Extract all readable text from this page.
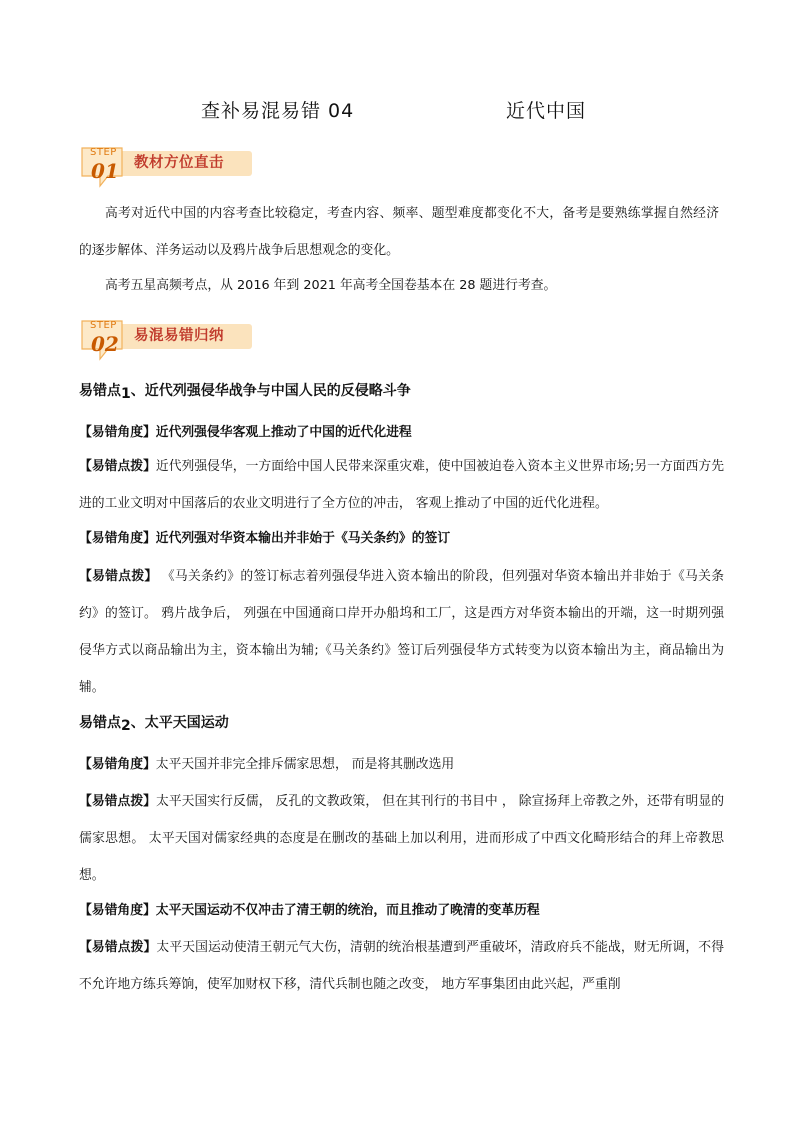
查补易混易错 04	近代中国
STEP
01 教材方位直击

高考对近代中国的内容考查比较稳定，考查内容、频率、题型难度都变化不大，备考是要熟练掌握自然经济的逐步解体、洋务运动以及鸦片战争后思想观念的变化。

高考五星高频考点，从 2016 年到 2021 年高考全国卷基本在 28 题进行考查。

STEP
02 易混易错归纳

易错点1、近代列强侵华战争与中国人民的反侵略斗争

【易错角度】近代列强侵华客观上推动了中国的近代化进程

【易错点拨】近代列强侵华，一方面给中国人民带来深重灾难，使中国被迫卷入资本主义世界市场;另一方面西方先进的工业文明对中国落后的农业文明进行了全方位的冲击， 客观上推动了中国的近代化进程。

【易错角度】近代列强对华资本输出并非始于《马关条约》的签订

【易错点拨】 《马关条约》的签订标志着列强侵华进入资本输出的阶段，但列强对华资本输出并非始于《马关条约》的签订。 鸦片战争后， 列强在中国通商口岸开办船坞和工厂，这是西方对华资本输出的开端，这一时期列强侵华方式以商品输出为主，资本输出为辅;《马关条约》签订后列强侵华方式转变为以资本输出为主，商品输出为辅。

易错点2、太平天国运动

【易错角度】太平天国并非完全排斥儒家思想， 而是将其删改选用

【易错点拨】太平天国实行反儒， 反孔的文教政策， 但在其刊行的书目中 ， 除宣扬拜上帝教之外，还带有明显的儒家思想。 太平天国对儒家经典的态度是在删改的基础上加以利用，进而形成了中西文化畸形结合的拜上帝教思想。

【易错角度】太平天国运动不仅冲击了清王朝的统治，而且推动了晚清的变革历程

【易错点拨】太平天国运动使清王朝元气大伤，清朝的统治根基遭到严重破坏，清政府兵不能战，财无所调，不得不允许地方练兵筹饷，使军加财权下移，清代兵制也随之改变， 地方军事集团由此兴起，严重削
